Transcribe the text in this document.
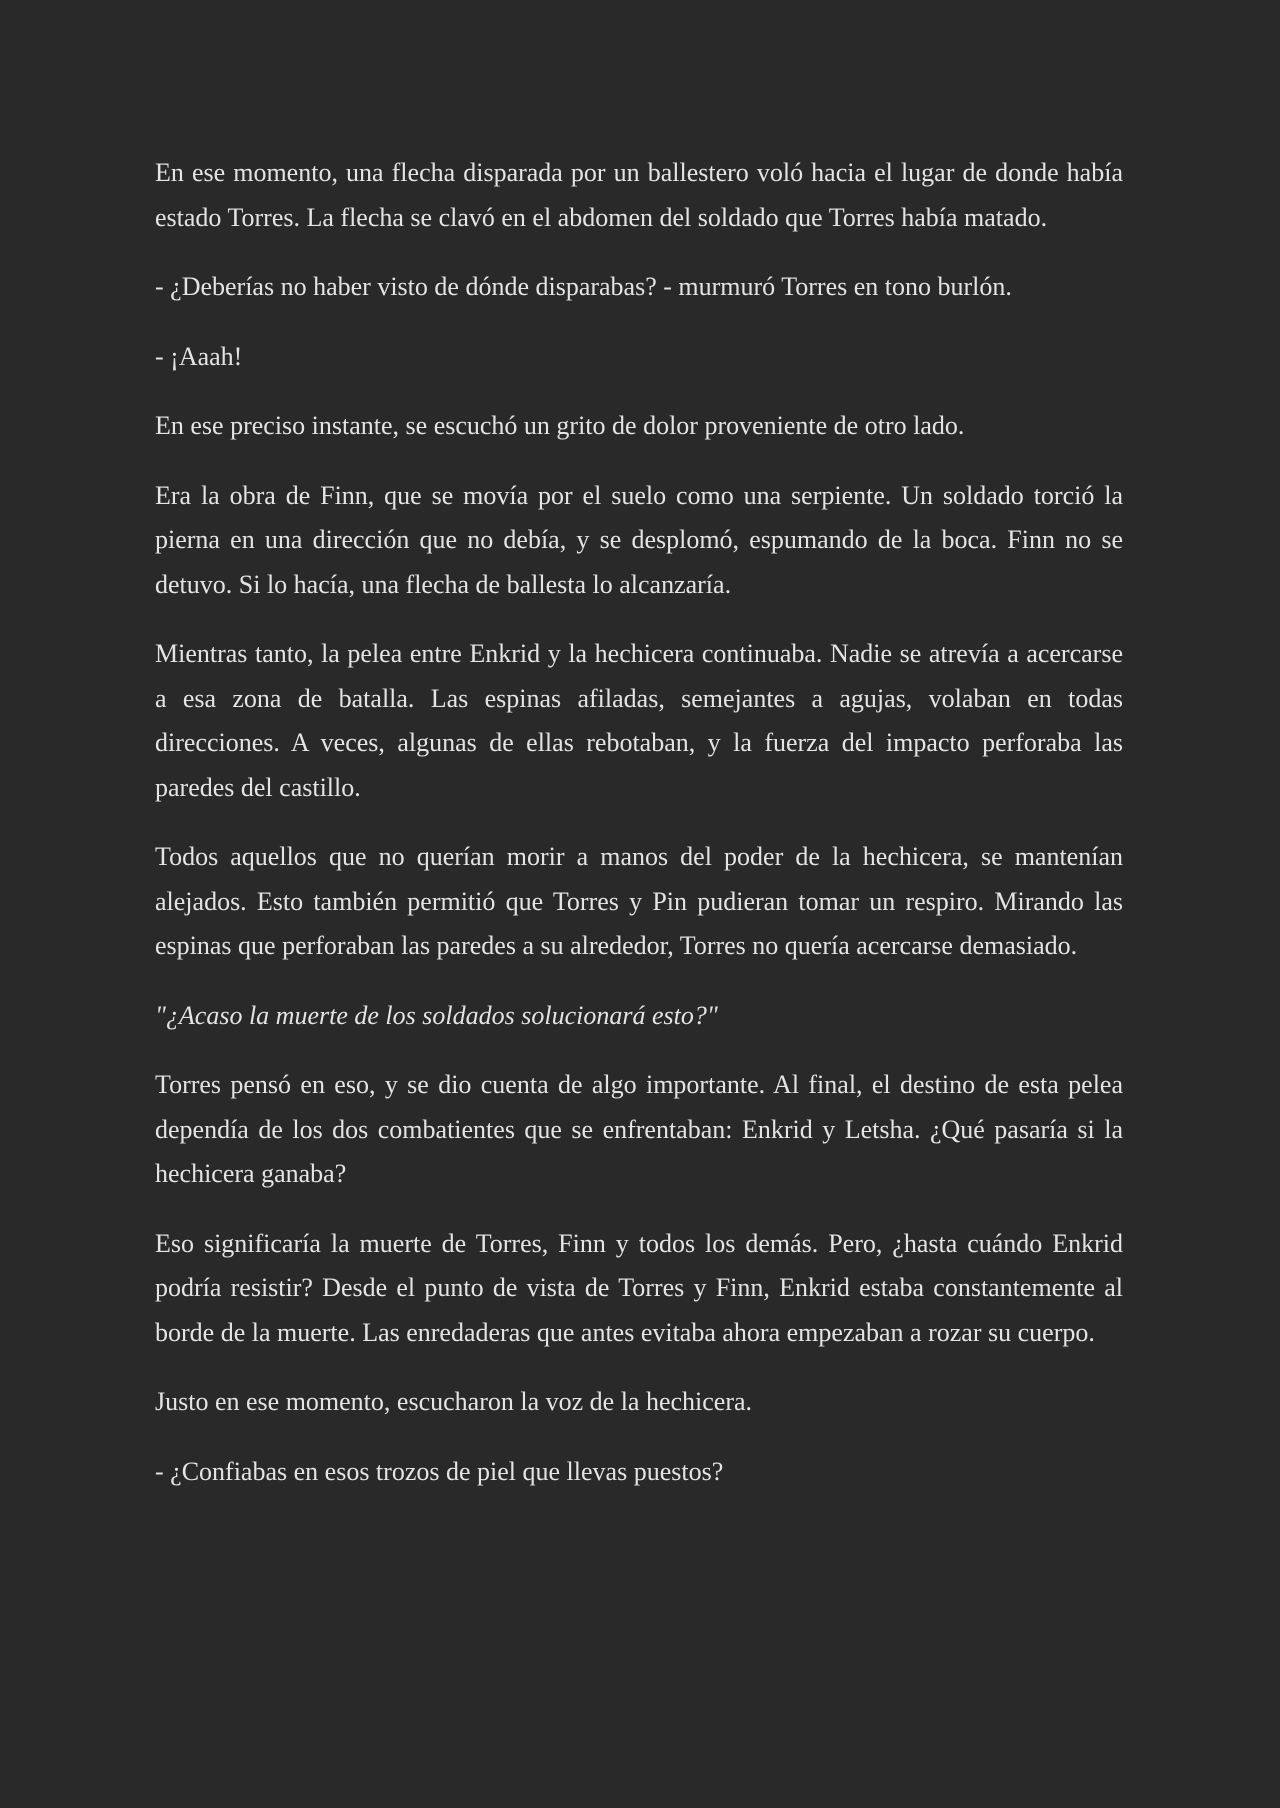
En ese momento, una flecha disparada por un ballestero voló hacia el lugar de donde había estado Torres. La flecha se clavó en el abdomen del soldado que Torres había matado.

- ¿Deberías no haber visto de dónde disparabas? - murmuró Torres en tono burlón.

- ¡Aaah!

En ese preciso instante, se escuchó un grito de dolor proveniente de otro lado.

Era la obra de Finn, que se movía por el suelo como una serpiente. Un soldado torció la pierna en una dirección que no debía, y se desplomó, espumando de la boca. Finn no se detuvo. Si lo hacía, una flecha de ballesta lo alcanzaría.

Mientras tanto, la pelea entre Enkrid y la hechicera continuaba. Nadie se atrevía a acercarse a esa zona de batalla. Las espinas afiladas, semejantes a agujas, volaban en todas direcciones. A veces, algunas de ellas rebotaban, y la fuerza del impacto perforaba las paredes del castillo.

Todos aquellos que no querían morir a manos del poder de la hechicera, se mantenían alejados. Esto también permitió que Torres y Pin pudieran tomar un respiro. Mirando las espinas que perforaban las paredes a su alrededor, Torres no quería acercarse demasiado.

"¿Acaso la muerte de los soldados solucionará esto?"

Torres pensó en eso, y se dio cuenta de algo importante. Al final, el destino de esta pelea dependía de los dos combatientes que se enfrentaban: Enkrid y Letsha. ¿Qué pasaría si la hechicera ganaba?

Eso significaría la muerte de Torres, Finn y todos los demás. Pero, ¿hasta cuándo Enkrid podría resistir? Desde el punto de vista de Torres y Finn, Enkrid estaba constantemente al borde de la muerte. Las enredaderas que antes evitaba ahora empezaban a rozar su cuerpo.

Justo en ese momento, escucharon la voz de la hechicera.

- ¿Confiabas en esos trozos de piel que llevas puestos?
